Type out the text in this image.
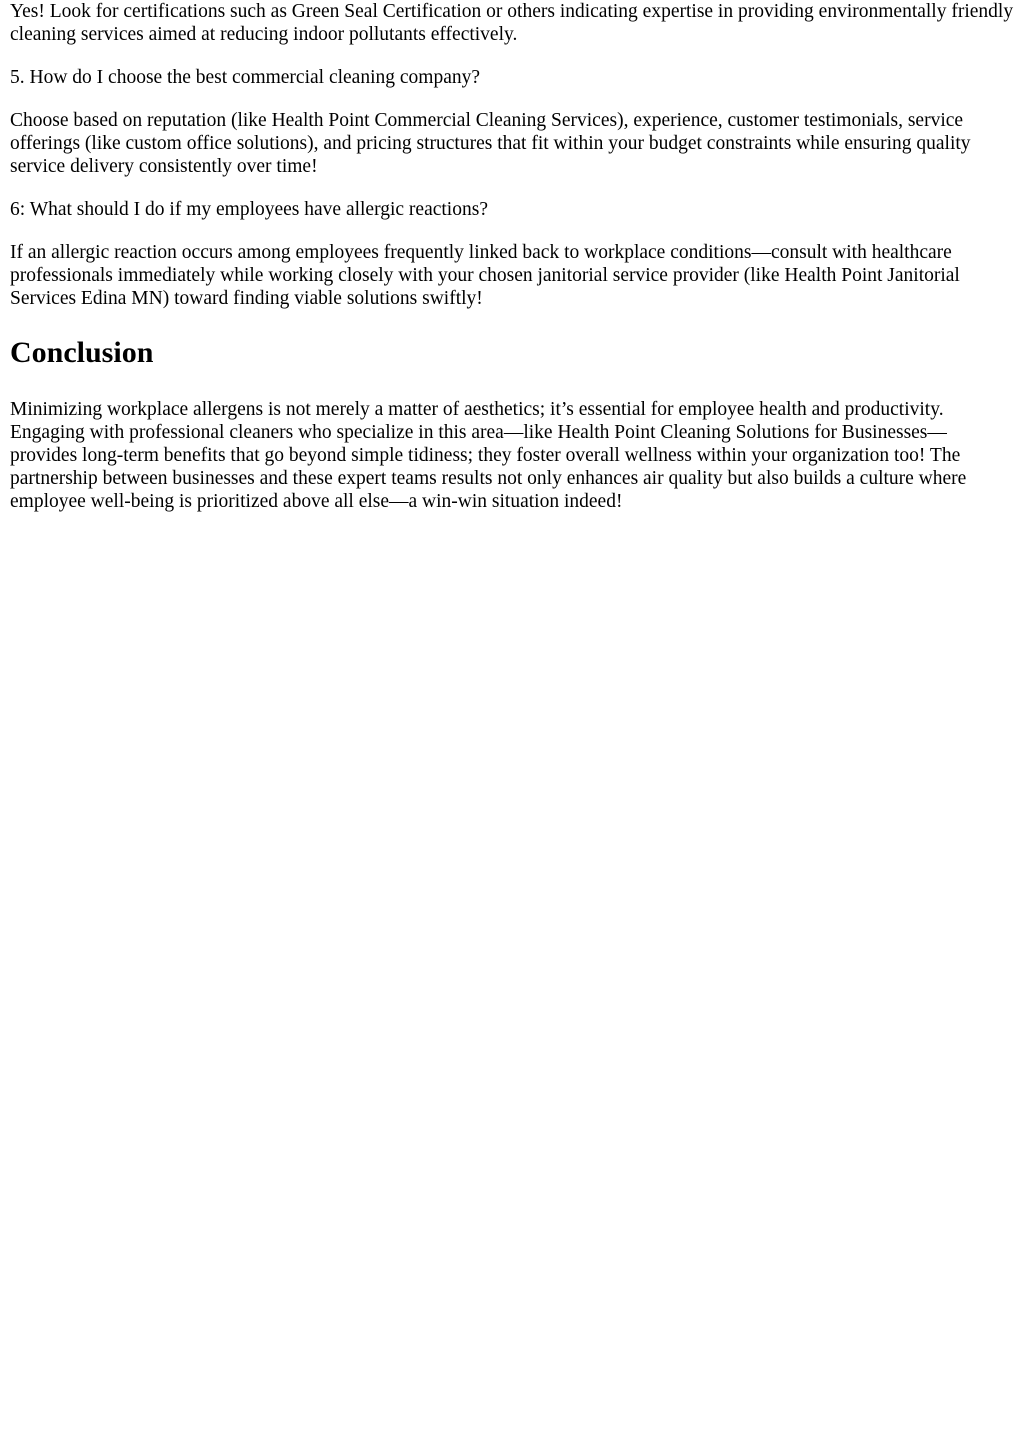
Yes! Look for certifications such as Green Seal Certification or others indicating expertise in providing environmentally friendly cleaning services aimed at reducing indoor pollutants effectively.

5. How do I choose the best commercial cleaning company?

Choose based on reputation (like Health Point Commercial Cleaning Services), experience, customer testimonials, service offerings (like custom office solutions), and pricing structures that fit within your budget constraints while ensuring quality service delivery consistently over time!

6: What should I do if my employees have allergic reactions?

If an allergic reaction occurs among employees frequently linked back to workplace conditions—consult with healthcare professionals immediately while working closely with your chosen janitorial service provider (like Health Point Janitorial Services Edina MN) toward finding viable solutions swiftly!

Conclusion

Minimizing workplace allergens is not merely a matter of aesthetics; it’s essential for employee health and productivity. Engaging with professional cleaners who specialize in this area—like Health Point Cleaning Solutions for Businesses—provides long-term benefits that go beyond simple tidiness; they foster overall wellness within your organization too! The partnership between businesses and these expert teams results not only enhances air quality but also builds a culture where employee well-being is prioritized above all else—a win-win situation indeed!
